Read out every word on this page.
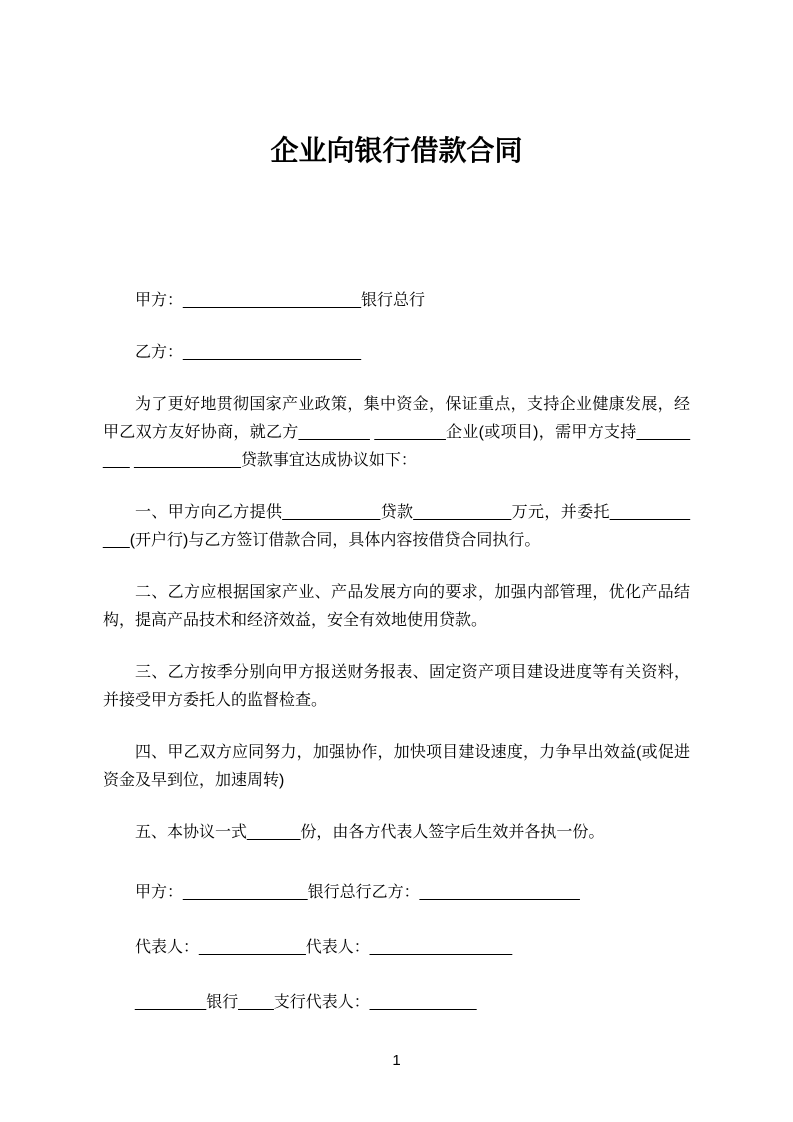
企业向银行借款合同

甲方：____________________银行总行

乙方：____________________

为了更好地贯彻国家产业政策，集中资金，保证重点，支持企业健康发展，经甲乙双方友好协商，就乙方________ ________企业(或项目)，需甲方支持_________ ____________贷款事宜达成协议如下：

一、甲方向乙方提供___________贷款___________万元，并委托____________(开户行)与乙方签订借款合同，具体内容按借贷合同执行。

二、乙方应根据国家产业、产品发展方向的要求，加强内部管理，优化产品结构，提高产品技术和经济效益，安全有效地使用贷款。

三、乙方按季分别向甲方报送财务报表、固定资产项目建设进度等有关资料，并接受甲方委托人的监督检查。

四、甲乙双方应同努力，加强协作，加快项目建设速度，力争早出效益(或促进资金及早到位，加速周转)

五、本协议一式______份，由各方代表人签字后生效并各执一份。

甲方：______________银行总行乙方：__________________

代表人：____________代表人：________________

________银行____支行代表人：____________

1
